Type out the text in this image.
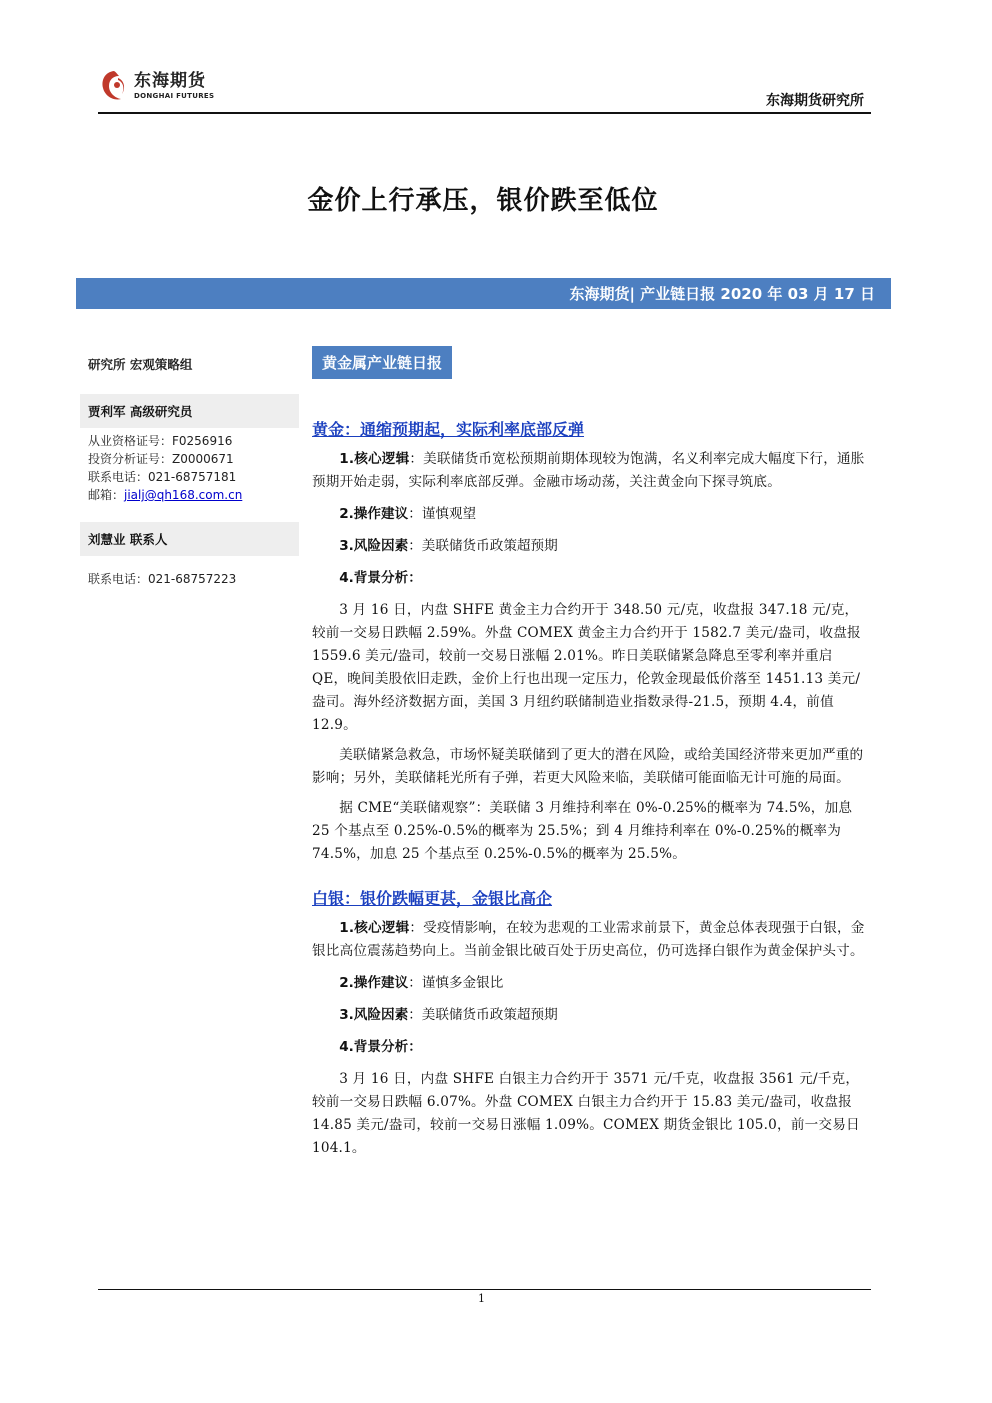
东海期货
DONGHAI FUTURES	东海期货研究所
金价上行承压，银价跌至低位
东海期货| 产业链日报 2020 年 03 月 17 日
研究所 宏观策略组
贾利军 高级研究员
从业资格证号：F0256916
投资分析证号：Z0000671
联系电话：021-68757181
邮箱：jialj@qh168.com.cn
刘慧业 联系人
联系电话：021-68757223
黄金属产业链日报

黄金：通缩预期起，实际利率底部反弹

1.核心逻辑：美联储货币宽松预期前期体现较为饱满，名义利率完成大幅度下行，通胀预期开始走弱，实际利率底部反弹。金融市场动荡，关注黄金向下探寻筑底。

2.操作建议：谨慎观望

3.风险因素：美联储货币政策超预期

4.背景分析：

3 月 16 日，内盘 SHFE 黄金主力合约开于 348.50 元/克，收盘报 347.18 元/克，较前一交易日跌幅 2.59%。外盘 COMEX 黄金主力合约开于 1582.7 美元/盎司，收盘报 1559.6 美元/盎司，较前一交易日涨幅 2.01%。昨日美联储紧急降息至零利率并重启 QE，晚间美股依旧走跌，金价上行也出现一定压力，伦敦金现最低价落至 1451.13 美元/盎司。海外经济数据方面，美国 3 月纽约联储制造业指数录得-21.5，预期 4.4，前值 12.9。

美联储紧急救急，市场怀疑美联储到了更大的潜在风险，或给美国经济带来更加严重的影响；另外，美联储耗光所有子弹，若更大风险来临，美联储可能面临无计可施的局面。

据 CME“美联储观察”：美联储 3 月维持利率在 0%-0.25%的概率为 74.5%，加息 25 个基点至 0.25%-0.5%的概率为 25.5%；到 4 月维持利率在 0%-0.25%的概率为 74.5%，加息 25 个基点至 0.25%-0.5%的概率为 25.5%。

白银：银价跌幅更甚，金银比高企

1.核心逻辑：受疫情影响，在较为悲观的工业需求前景下，黄金总体表现强于白银，金银比高位震荡趋势向上。当前金银比破百处于历史高位，仍可选择白银作为黄金保护头寸。

2.操作建议：谨慎多金银比

3.风险因素：美联储货币政策超预期

4.背景分析：

3 月 16 日，内盘 SHFE 白银主力合约开于 3571 元/千克，收盘报 3561 元/千克，较前一交易日跌幅 6.07%。外盘 COMEX 白银主力合约开于 15.83 美元/盎司，收盘报 14.85 美元/盎司，较前一交易日涨幅 1.09%。COMEX 期货金银比 105.0，前一交易日 104.1。

1
